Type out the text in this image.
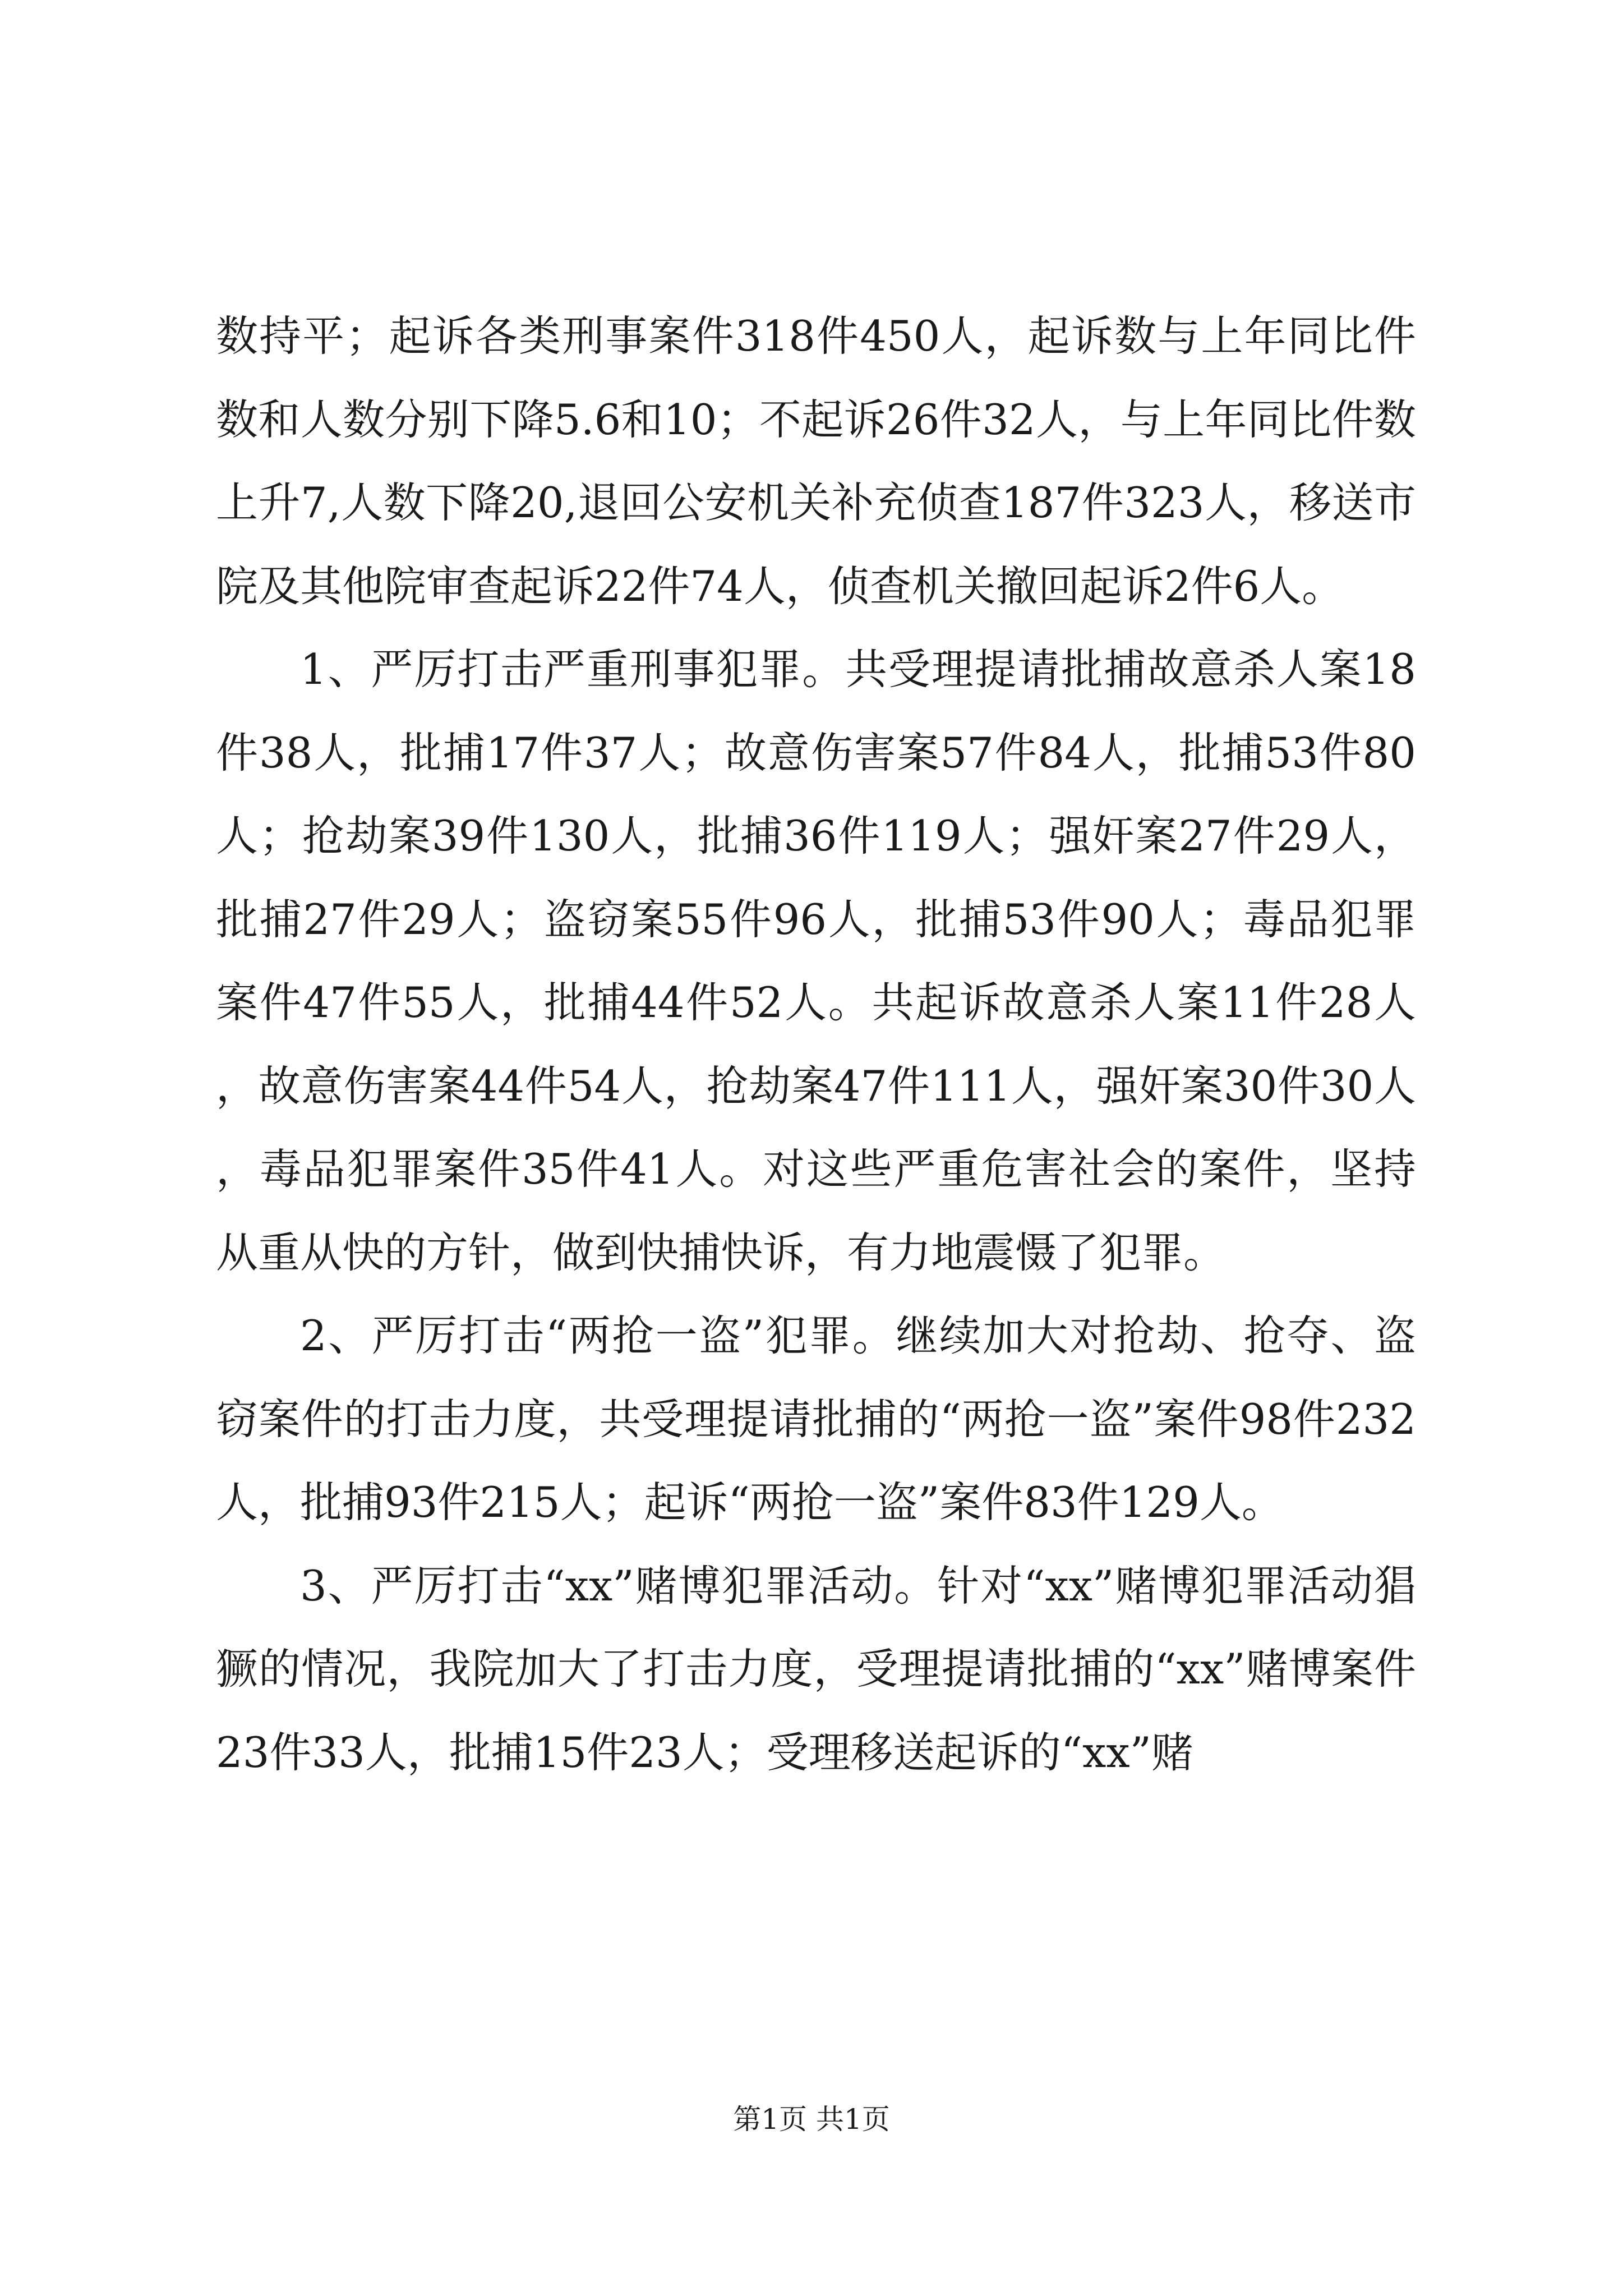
数持平；起诉各类刑事案件318件450人，起诉数与上年同比件数和人数分别下降5.6和10；不起诉26件32人，与上年同比件数上升7,人数下降20,退回公安机关补充侦查187件323人，移送市院及其他院审查起诉22件74人，侦查机关撤回起诉2件6人。

1、严厉打击严重刑事犯罪。共受理提请批捕故意杀人案18件38人，批捕17件37人；故意伤害案57件84人，批捕53件80人；抢劫案39件130人，批捕36件119人；强奸案27件29人，批捕27件29人；盗窃案55件96人，批捕53件90人；毒品犯罪案件47件55人，批捕44件52人。共起诉故意杀人案11件28人，故意伤害案44件54人，抢劫案47件111人，强奸案30件30人，毒品犯罪案件35件41人。对这些严重危害社会的案件，坚持从重从快的方针，做到快捕快诉，有力地震慑了犯罪。

2、严厉打击“两抢一盗”犯罪。继续加大对抢劫、抢夺、盗窃案件的打击力度，共受理提请批捕的“两抢一盗”案件98件232人，批捕93件215人；起诉“两抢一盗”案件83件129人。

3、严厉打击“xx”赌博犯罪活动。针对“xx”赌博犯罪活动猖獗的情况，我院加大了打击力度，受理提请批捕的“xx”赌博案件23件33人，批捕15件23人；受理移送起诉的“xx”赌

第1页 共1页
